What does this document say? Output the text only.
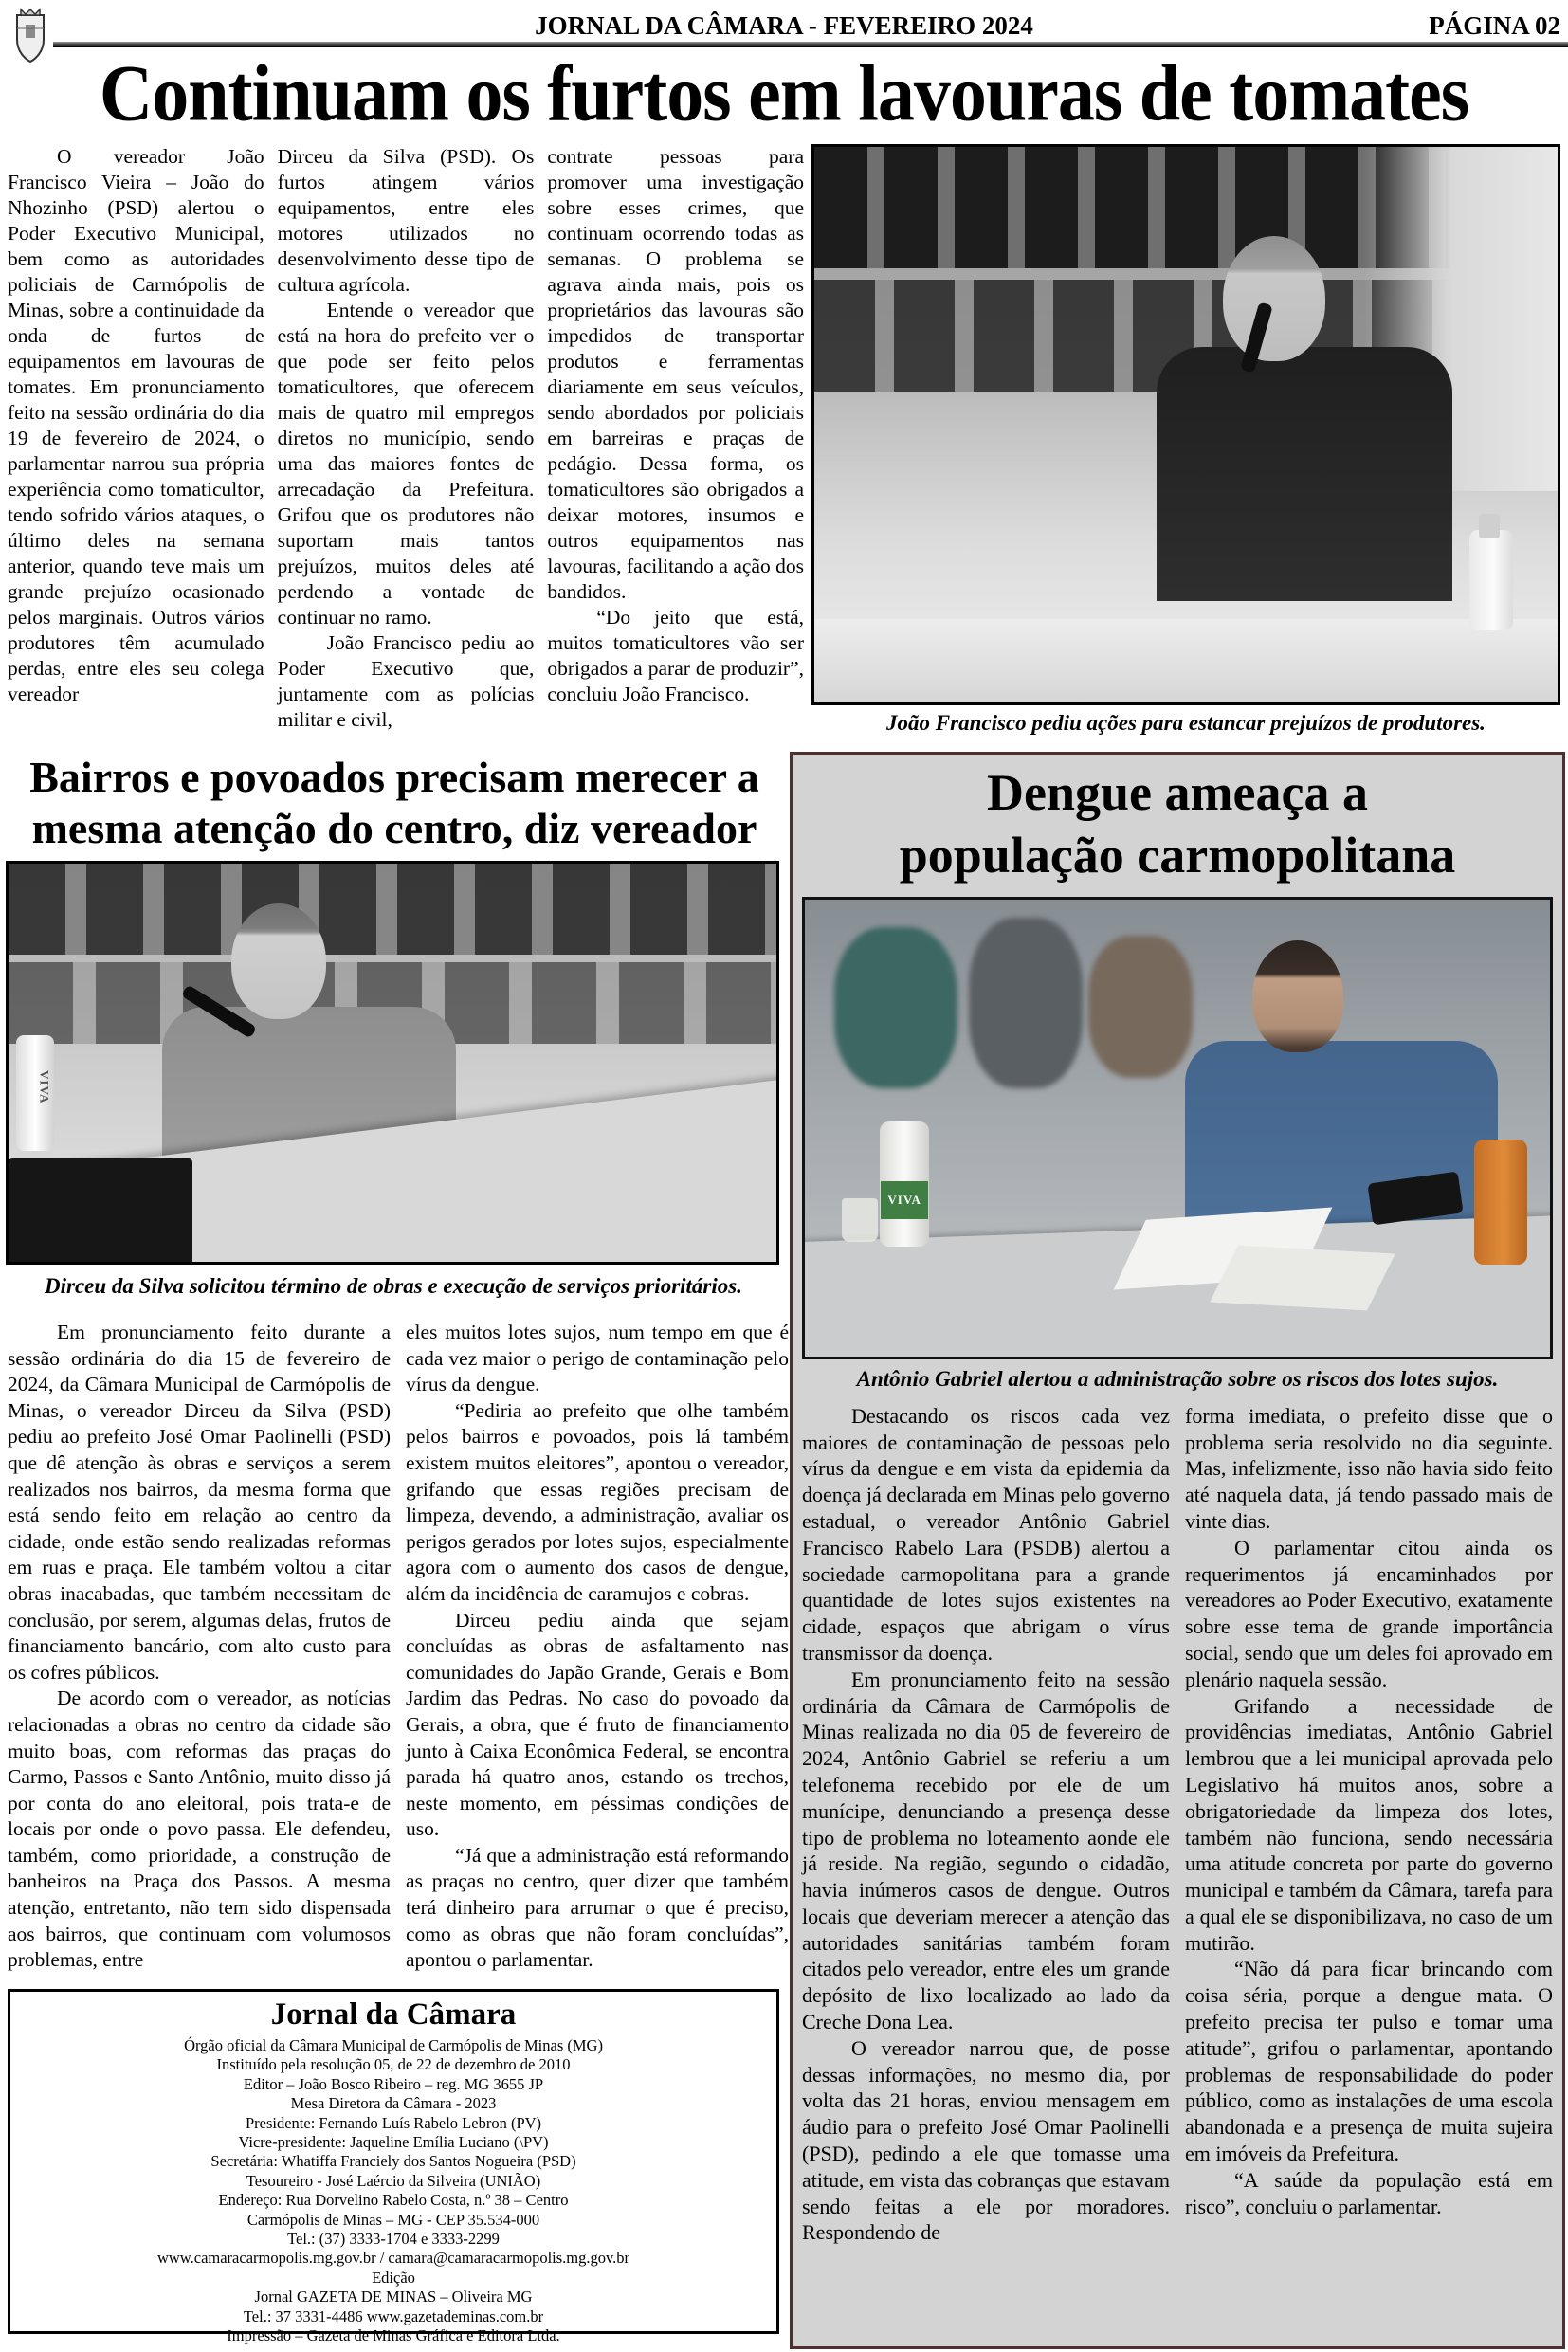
JORNAL DA CÂMARA - FEVEREIRO 2024	PÁGINA 02
Continuam os furtos em lavouras de tomates

O vereador João Francisco Vieira – João do Nhozinho (PSD) alertou o Poder Executivo Municipal, bem como as autoridades policiais de Carmópolis de Minas, sobre a continuidade da onda de furtos de equipamentos em lavouras de tomates. Em pronunciamento feito na sessão ordinária do dia 19 de fevereiro de 2024, o parlamentar narrou sua própria experiência como tomaticultor, tendo sofrido vários ataques, o último deles na semana anterior, quando teve mais um grande prejuízo ocasionado pelos marginais. Outros vários produtores têm acumulado perdas, entre eles seu colega vereador

Dirceu da Silva (PSD). Os furtos atingem vários equipamentos, entre eles motores utilizados no desenvolvimento desse tipo de cultura agrícola.

Entende o vereador que está na hora do prefeito ver o que pode ser feito pelos tomaticultores, que oferecem mais de quatro mil empregos diretos no município, sendo uma das maiores fontes de arrecadação da Prefeitura. Grifou que os produtores não suportam mais tantos prejuízos, muitos deles até perdendo a vontade de continuar no ramo.

João Francisco pediu ao Poder Executivo que, juntamente com as polícias militar e civil,

contrate pessoas para promover uma investigação sobre esses crimes, que continuam ocorrendo todas as semanas. O problema se agrava ainda mais, pois os proprietários das lavouras são impedidos de transportar produtos e ferramentas diariamente em seus veículos, sendo abordados por policiais em barreiras e praças de pedágio. Dessa forma, os tomaticultores são obrigados a deixar motores, insumos e outros equipamentos nas lavouras, facilitando a ação dos bandidos.

“Do jeito que está, muitos tomaticultores vão ser obrigados a parar de produzir”, concluiu João Francisco.

João Francisco pediu ações para estancar prejuízos de produtores.
Bairros e povoados precisam merecer a
mesma atenção do centro, diz vereador
VIVA
Dirceu da Silva solicitou término de obras e execução de serviços prioritários.

Em pronunciamento feito durante a sessão ordinária do dia 15 de fevereiro de 2024, da Câmara Municipal de Carmópolis de Minas, o vereador Dirceu da Silva (PSD) pediu ao prefeito José Omar Paolinelli (PSD) que dê atenção às obras e serviços a serem realizados nos bairros, da mesma forma que está sendo feito em relação ao centro da cidade, onde estão sendo realizadas reformas em ruas e praça. Ele também voltou a citar obras inacabadas, que também necessitam de conclusão, por serem, algumas delas, frutos de financiamento bancário, com alto custo para os cofres públicos.

De acordo com o vereador, as notícias relacionadas a obras no centro da cidade são muito boas, com reformas das praças do Carmo, Passos e Santo Antônio, muito disso já por conta do ano eleitoral, pois trata-e de locais por onde o povo passa. Ele defendeu, também, como prioridade, a construção de banheiros na Praça dos Passos. A mesma atenção, entretanto, não tem sido dispensada aos bairros, que continuam com volumosos problemas, entre

eles muitos lotes sujos, num tempo em que é cada vez maior o perigo de contaminação pelo vírus da dengue.

“Pediria ao prefeito que olhe também pelos bairros e povoados, pois lá também existem muitos eleitores”, apontou o vereador, grifando que essas regiões precisam de limpeza, devendo, a administração, avaliar os perigos gerados por lotes sujos, especialmente agora com o aumento dos casos de dengue, além da incidência de caramujos e cobras.

Dirceu pediu ainda que sejam concluídas as obras de asfaltamento nas comunidades do Japão Grande, Gerais e Bom Jardim das Pedras. No caso do povoado da Gerais, a obra, que é fruto de financiamento junto à Caixa Econômica Federal, se encontra parada há quatro anos, estando os trechos, neste momento, em péssimas condições de uso.

“Já que a administração está reformando as praças no centro, quer dizer que também terá dinheiro para arrumar o que é preciso, como as obras que não foram concluídas”, apontou o parlamentar.

Jornal da Câmara
Órgão oficial da Câmara Municipal de Carmópolis de Minas (MG)
Instituído pela resolução 05, de 22 de dezembro de 2010
Editor – João Bosco Ribeiro – reg. MG 3655 JP
Mesa Diretora da Câmara - 2023
Presidente: Fernando Luís Rabelo Lebron (PV)
Vicre-presidente: Jaqueline Emília Luciano (\PV)
Secretária: Whatiffa Franciely dos Santos Nogueira (PSD)
Tesoureiro - José Laércio da Silveira (UNIÃO)
Endereço: Rua Dorvelino Rabelo Costa, n.º 38 – Centro
Carmópolis de Minas – MG - CEP 35.534-000
Tel.: (37) 3333-1704 e 3333-2299
www.camaracarmopolis.mg.gov.br / camara@camaracarmopolis.mg.gov.br
Edição
Jornal GAZETA DE MINAS – Oliveira MG
Tel.: 37 3331-4486 www.gazetademinas.com.br
Impressão – Gazeta de Minas Gráfica e Editora Ltda.
Dengue ameaça a
população carmopolitana
VIVA
Antônio Gabriel alertou a administração sobre os riscos dos lotes sujos.

Destacando os riscos cada vez maiores de contaminação de pessoas pelo vírus da dengue e em vista da epidemia da doença já declarada em Minas pelo governo estadual, o vereador Antônio Gabriel Francisco Rabelo Lara (PSDB) alertou a sociedade carmopolitana para a grande quantidade de lotes sujos existentes na cidade, espaços que abrigam o vírus transmissor da doença.

Em pronunciamento feito na sessão ordinária da Câmara de Carmópolis de Minas realizada no dia 05 de fevereiro de 2024, Antônio Gabriel se referiu a um telefonema recebido por ele de um munícipe, denunciando a presença desse tipo de problema no loteamento aonde ele já reside. Na região, segundo o cidadão, havia inúmeros casos de dengue. Outros locais que deveriam merecer a atenção das autoridades sanitárias também foram citados pelo vereador, entre eles um grande depósito de lixo localizado ao lado da Creche Dona Lea.

O vereador narrou que, de posse dessas informações, no mesmo dia, por volta das 21 horas, enviou mensagem em áudio para o prefeito José Omar Paolinelli (PSD), pedindo a ele que tomasse uma atitude, em vista das cobranças que estavam sendo feitas a ele por moradores. Respondendo de

forma imediata, o prefeito disse que o problema seria resolvido no dia seguinte. Mas, infelizmente, isso não havia sido feito até naquela data, já tendo passado mais de vinte dias.

O parlamentar citou ainda os requerimentos já encaminhados por vereadores ao Poder Executivo, exatamente sobre esse tema de grande importância social, sendo que um deles foi aprovado em plenário naquela sessão.

Grifando a necessidade de providências imediatas, Antônio Gabriel lembrou que a lei municipal aprovada pelo Legislativo há muitos anos, sobre a obrigatoriedade da limpeza dos lotes, também não funciona, sendo necessária uma atitude concreta por parte do governo municipal e também da Câmara, tarefa para a qual ele se disponibilizava, no caso de um mutirão.

“Não dá para ficar brincando com coisa séria, porque a dengue mata. O prefeito precisa ter pulso e tomar uma atitude”, grifou o parlamentar, apontando problemas de responsabilidade do poder público, como as instalações de uma escola abandonada e a presença de muita sujeira em imóveis da Prefeitura.

“A saúde da população está em risco”, concluiu o parlamentar.
